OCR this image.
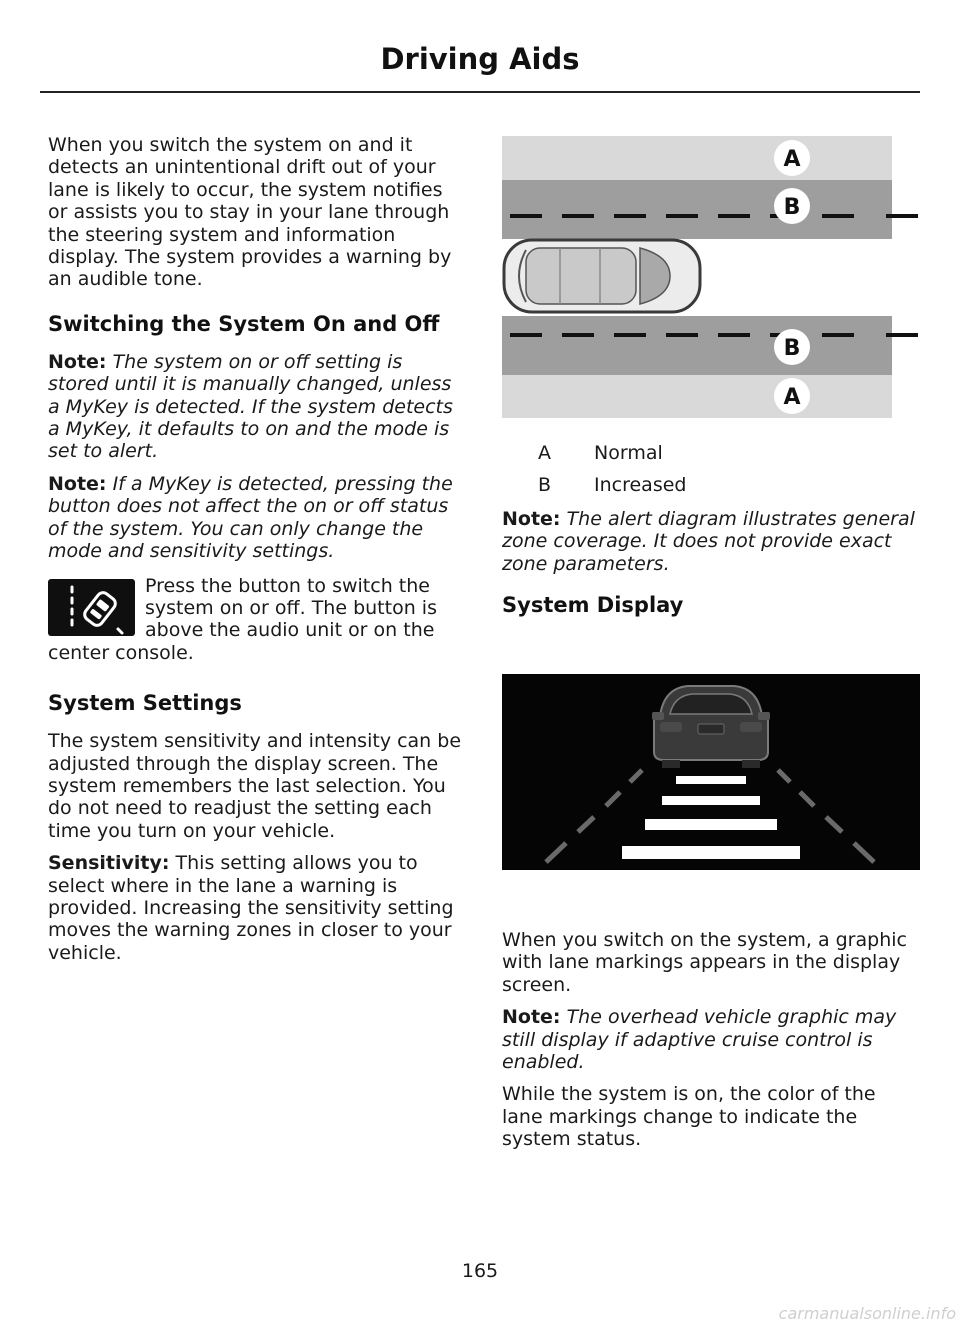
Driving Aids

When you switch the system on and it detects an unintentional drift out of your lane is likely to occur, the system notifies or assists you to stay in your lane through the steering system and information display. The system provides a warning by an audible tone.

Switching the System On and Off

Note: The system on or off setting is stored until it is manually changed, unless a MyKey is detected. If the system detects a MyKey, it defaults to on and the mode is set to alert.

Note: If a MyKey is detected, pressing the button does not affect the on or off status of the system. You can only change the mode and sensitivity settings.

Press the button to switch the system on or off. The button is above the audio unit or on the center console.

System Settings

The system sensitivity and intensity can be adjusted through the display screen. The system remembers the last selection. You do not need to readjust the setting each time you turn on your vehicle.

Sensitivity: This setting allows you to select where in the lane a warning is provided. Increasing the sensitivity setting moves the warning zones in closer to your vehicle.

A
B
B
A
A Normal
B Increased

Note: The alert diagram illustrates general zone coverage. It does not provide exact zone parameters.

System Display

When you switch on the system, a graphic with lane markings appears in the display screen.

Note: The overhead vehicle graphic may still display if adaptive cruise control is enabled.

While the system is on, the color of the lane markings change to indicate the system status.

165
carmanualsonline.info
